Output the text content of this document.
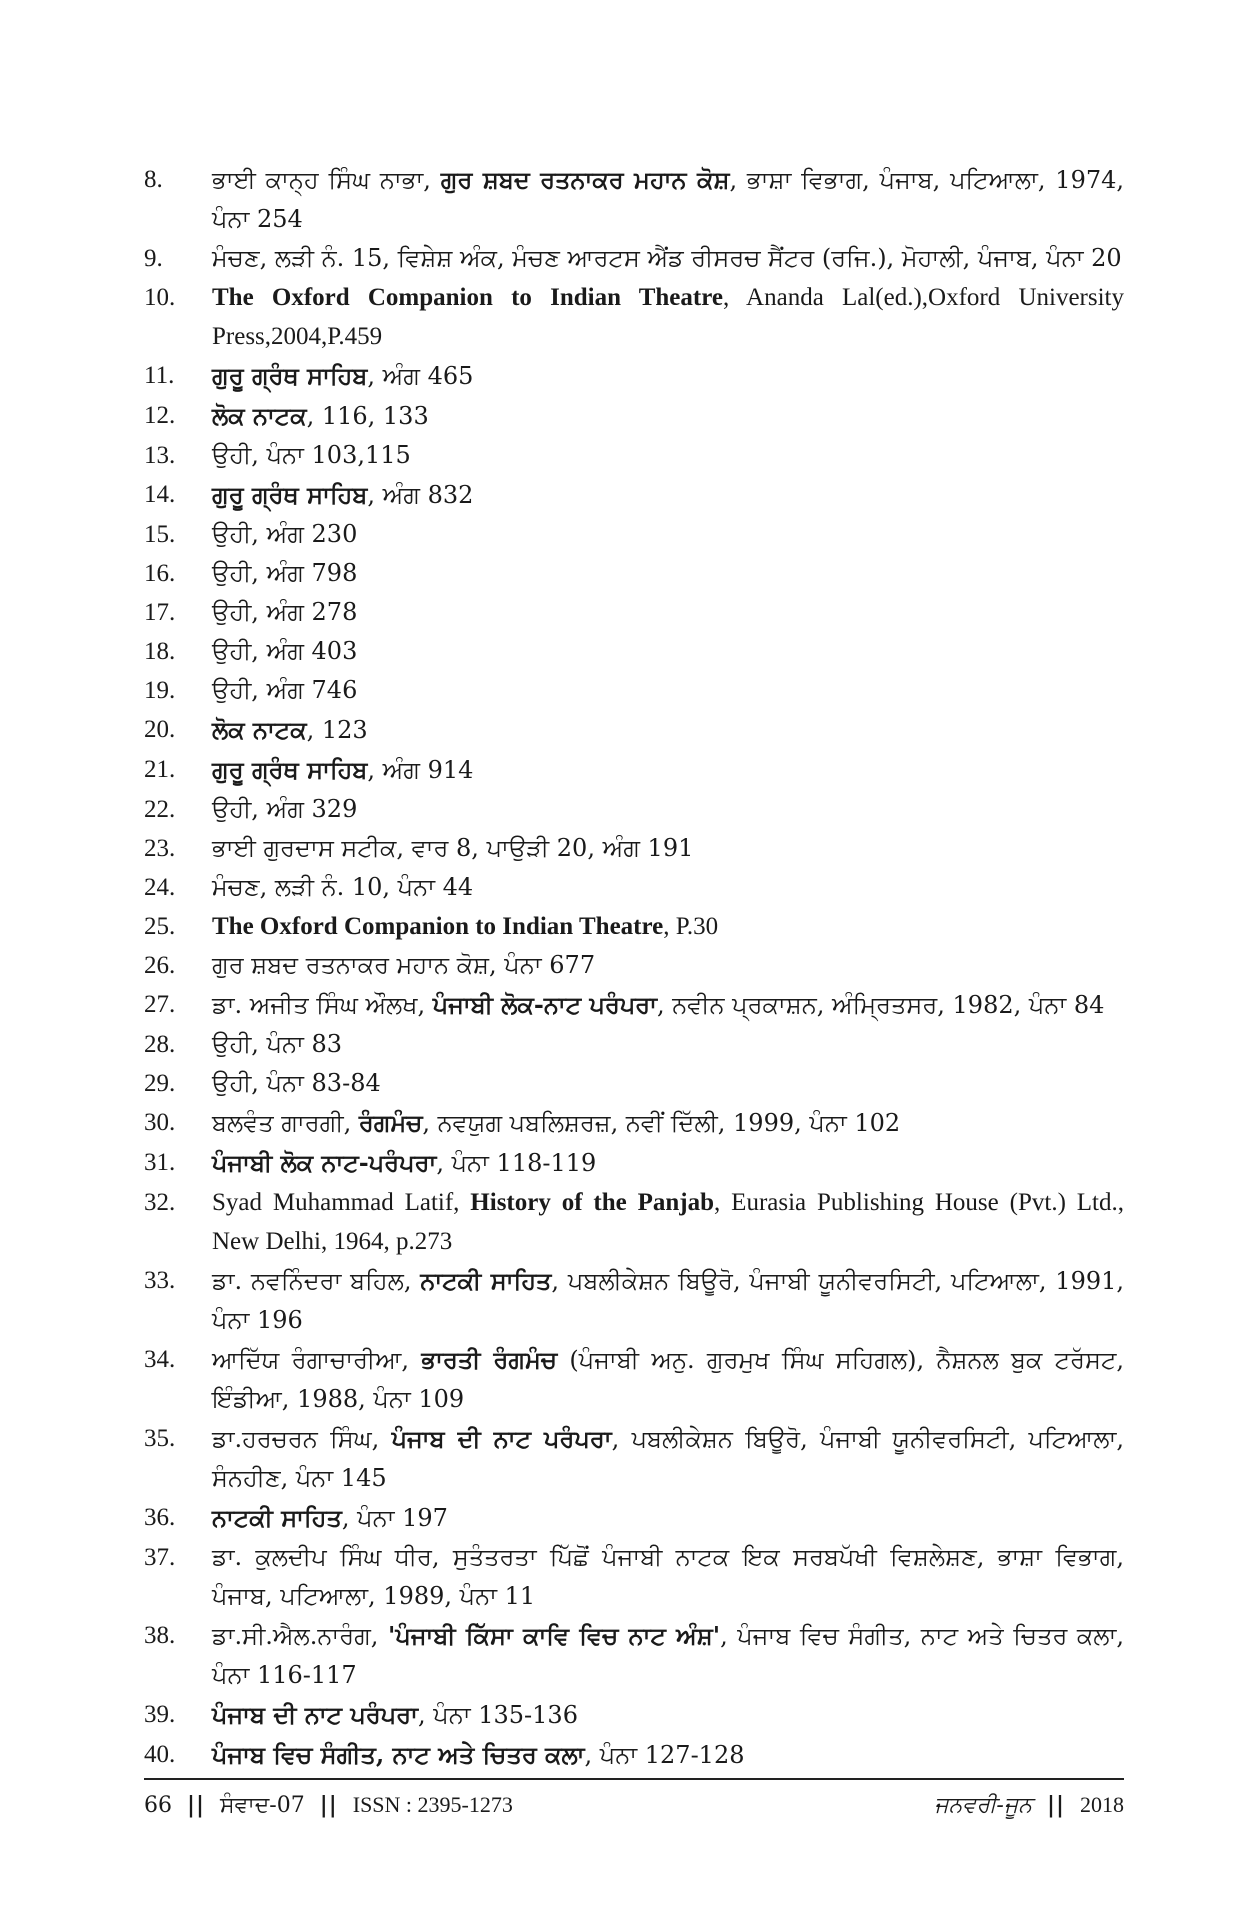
8.	ਭਾਈ ਕਾਨ੍ਹ ਸਿੰਘ ਨਾਭਾ, ਗੁਰ ਸ਼ਬਦ ਰਤਨਾਕਰ ਮਹਾਨ ਕੋਸ਼, ਭਾਸ਼ਾ ਵਿਭਾਗ, ਪੰਜਾਬ, ਪਟਿਆਲਾ, 1974, ਪੰਨਾ 254
9.	ਮੰਚਣ, ਲੜੀ ਨੰ. 15, ਵਿਸ਼ੇਸ਼ ਅੰਕ, ਮੰਚਣ ਆਰਟਸ ਐਂਡ ਰੀਸਰਚ ਸੈਂਟਰ (ਰਜਿ.), ਮੋਹਾਲੀ, ਪੰਜਾਬ, ਪੰਨਾ 20
10.	The Oxford Companion to Indian Theatre, Ananda Lal(ed.),Oxford University Press,2004,P.459
11.	ਗੁਰੂ ਗ੍ਰੰਥ ਸਾਹਿਬ, ਅੰਗ 465
12.	ਲੋਕ ਨਾਟਕ, 116, 133
13.	ਉਹੀ, ਪੰਨਾ 103,115
14.	ਗੁਰੂ ਗ੍ਰੰਥ ਸਾਹਿਬ, ਅੰਗ 832
15.	ਉਹੀ, ਅੰਗ 230
16.	ਉਹੀ, ਅੰਗ 798
17.	ਉਹੀ, ਅੰਗ 278
18.	ਉਹੀ, ਅੰਗ 403
19.	ਉਹੀ, ਅੰਗ 746
20.	ਲੋਕ ਨਾਟਕ, 123
21.	ਗੁਰੂ ਗ੍ਰੰਥ ਸਾਹਿਬ, ਅੰਗ 914
22.	ਉਹੀ, ਅੰਗ 329
23.	ਭਾਈ ਗੁਰਦਾਸ ਸਟੀਕ, ਵਾਰ 8, ਪਾਉੜੀ 20, ਅੰਗ 191
24.	ਮੰਚਣ, ਲੜੀ ਨੰ. 10, ਪੰਨਾ 44
25.	The Oxford Companion to Indian Theatre, P.30
26.	ਗੁਰ ਸ਼ਬਦ ਰਤਨਾਕਰ ਮਹਾਨ ਕੋਸ਼, ਪੰਨਾ 677
27.	ਡਾ. ਅਜੀਤ ਸਿੰਘ ਔਲਖ, ਪੰਜਾਬੀ ਲੋਕ-ਨਾਟ ਪਰੰਪਰਾ, ਨਵੀਨ ਪ੍ਰਕਾਸ਼ਨ, ਅੰਮ੍ਰਿਤਸਰ, 1982, ਪੰਨਾ 84
28.	ਉਹੀ, ਪੰਨਾ 83
29.	ਉਹੀ, ਪੰਨਾ 83-84
30.	ਬਲਵੰਤ ਗਾਰਗੀ, ਰੰਗਮੰਚ, ਨਵਯੁਗ ਪਬਲਿਸ਼ਰਜ਼, ਨਵੀਂ ਦਿੱਲੀ, 1999, ਪੰਨਾ 102
31.	ਪੰਜਾਬੀ ਲੋਕ ਨਾਟ-ਪਰੰਪਰਾ, ਪੰਨਾ 118-119
32.	Syad Muhammad Latif, History of the Panjab, Eurasia Publishing House (Pvt.) Ltd., New Delhi, 1964, p.273
33.	ਡਾ. ਨਵਨਿੰਦਰਾ ਬਹਿਲ, ਨਾਟਕੀ ਸਾਹਿਤ, ਪਬਲੀਕੇਸ਼ਨ ਬਿਊਰੋ, ਪੰਜਾਬੀ ਯੂਨੀਵਰਸਿਟੀ, ਪਟਿਆਲਾ, 1991, ਪੰਨਾ 196
34.	ਆਦਿੱਯ ਰੰਗਾਚਾਰੀਆ, ਭਾਰਤੀ ਰੰਗਮੰਚ (ਪੰਜਾਬੀ ਅਨੁ. ਗੁਰਮੁਖ ਸਿੰਘ ਸਹਿਗਲ), ਨੈਸ਼ਨਲ ਬੁਕ ਟਰੱਸਟ, ਇੰਡੀਆ, 1988, ਪੰਨਾ 109
35.	ਡਾ.ਹਰਚਰਨ ਸਿੰਘ, ਪੰਜਾਬ ਦੀ ਨਾਟ ਪਰੰਪਰਾ, ਪਬਲੀਕੇਸ਼ਨ ਬਿਊਰੋ, ਪੰਜਾਬੀ ਯੂਨੀਵਰਸਿਟੀ, ਪਟਿਆਲਾ, ਸੰਨਹੀਣ, ਪੰਨਾ 145
36.	ਨਾਟਕੀ ਸਾਹਿਤ, ਪੰਨਾ 197
37.	ਡਾ. ਕੁਲਦੀਪ ਸਿੰਘ ਧੀਰ, ਸੁਤੰਤਰਤਾ ਪਿੱਛੋਂ ਪੰਜਾਬੀ ਨਾਟਕ ਇਕ ਸਰਬਪੱਖੀ ਵਿਸ਼ਲੇਸ਼ਣ, ਭਾਸ਼ਾ ਵਿਭਾਗ, ਪੰਜਾਬ, ਪਟਿਆਲਾ, 1989, ਪੰਨਾ 11
38.	ਡਾ.ਸੀ.ਐਲ.ਨਾਰੰਗ, 'ਪੰਜਾਬੀ ਕਿੱਸਾ ਕਾਵਿ ਵਿਚ ਨਾਟ ਅੰਸ਼', ਪੰਜਾਬ ਵਿਚ ਸੰਗੀਤ, ਨਾਟ ਅਤੇ ਚਿਤਰ ਕਲਾ, ਪੰਨਾ 116-117
39.	ਪੰਜਾਬ ਦੀ ਨਾਟ ਪਰੰਪਰਾ, ਪੰਨਾ 135-136
40.	ਪੰਜਾਬ ਵਿਚ ਸੰਗੀਤ, ਨਾਟ ਅਤੇ ਚਿਤਰ ਕਲਾ, ਪੰਨਾ 127-128
66 || ਸੰਵਾਦ-07 || ISSN : 2395-1273	ਜਨਵਰੀ-ਜੂਨ || 2018
